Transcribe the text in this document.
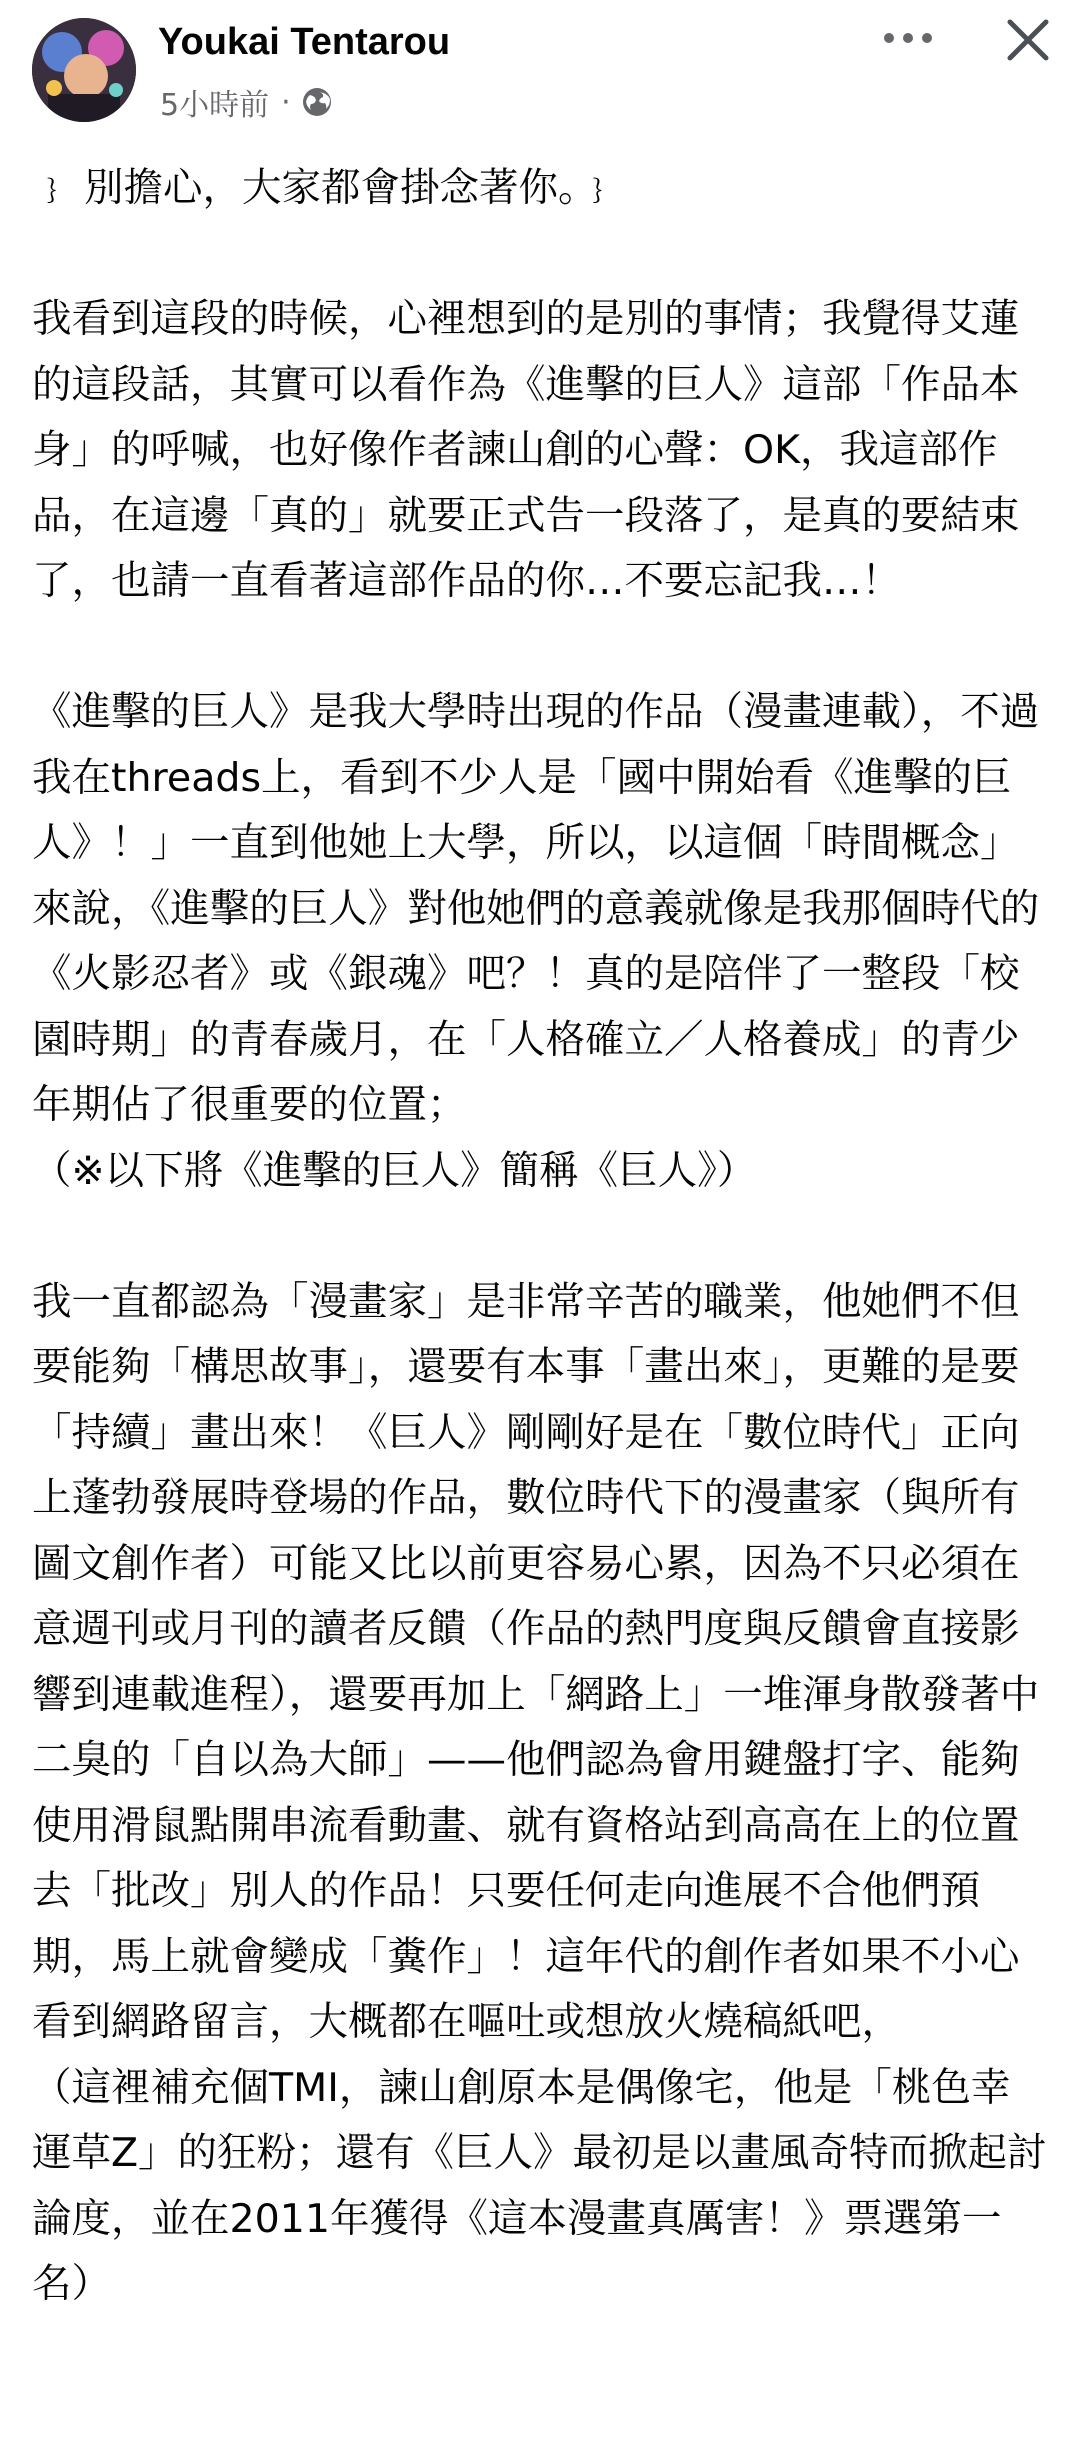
Youkai Tentarou
5小時前 ·

﹜ 別擔心，大家都會掛念著你。﹜

我看到這段的時候，心裡想到的是別的事情；我覺得艾蓮的這段話，其實可以看作為《進擊的巨人》這部「作品本身」的呼喊，也好像作者諫山創的心聲：OK，我這部作品，在這邊「真的」就要正式告一段落了，是真的要結束了，也請一直看著這部作品的你…不要忘記我…！

《進擊的巨人》是我大學時出現的作品（漫畫連載），不過我在threads上，看到不少人是「國中開始看《進擊的巨人》！」一直到他她上大學，所以，以這個「時間概念」來說，《進擊的巨人》對他她們的意義就像是我那個時代的《火影忍者》或《銀魂》吧？！真的是陪伴了一整段「校園時期」的青春歲月，在「人格確立／人格養成」的青少年期佔了很重要的位置；
（※以下將《進擊的巨人》簡稱《巨人》）

我一直都認為「漫畫家」是非常辛苦的職業，他她們不但要能夠「構思故事」，還要有本事「畫出來」，更難的是要「持續」畫出來！《巨人》剛剛好是在「數位時代」正向上蓬勃發展時登場的作品，數位時代下的漫畫家（與所有圖文創作者）可能又比以前更容易心累，因為不只必須在意週刊或月刊的讀者反饋（作品的熱門度與反饋會直接影響到連載進程），還要再加上「網路上」一堆渾身散發著中二臭的「自以為大師」——他們認為會用鍵盤打字、能夠使用滑鼠點開串流看動畫、就有資格站到高高在上的位置去「批改」別人的作品！只要任何走向進展不合他們預期，馬上就會變成「糞作」！這年代的創作者如果不小心看到網路留言，大概都在嘔吐或想放火燒稿紙吧，
（這裡補充個TMI，諫山創原本是偶像宅，他是「桃色幸運草Z」的狂粉；還有《巨人》最初是以畫風奇特而掀起討論度，並在2011年獲得《這本漫畫真厲害！》票選第一名）
